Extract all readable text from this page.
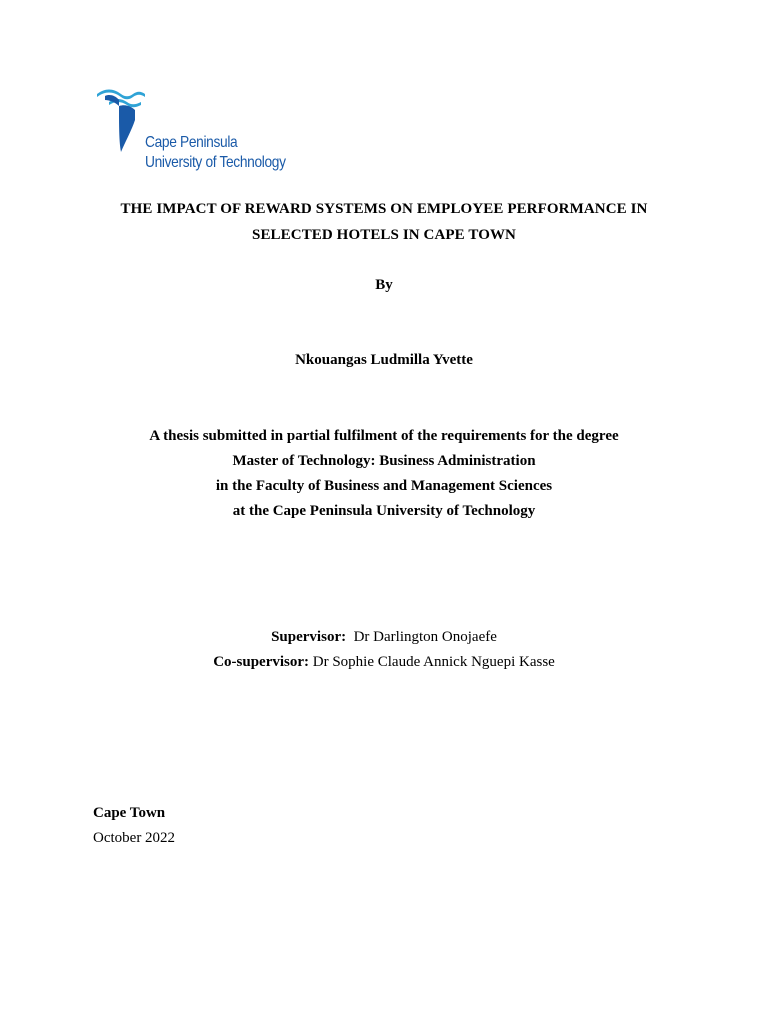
Cape Peninsula
University of Technology
THE IMPACT OF REWARD SYSTEMS ON EMPLOYEE PERFORMANCE IN
SELECTED HOTELS IN CAPE TOWN
By
Nkouangas Ludmilla Yvette
A thesis submitted in partial fulfilment of the requirements for the degree
Master of Technology: Business Administration
in the Faculty of Business and Management Sciences
at the Cape Peninsula University of Technology
Supervisor: Dr Darlington Onojaefe
Co-supervisor: Dr Sophie Claude Annick Nguepi Kasse
Cape Town
October 2022
